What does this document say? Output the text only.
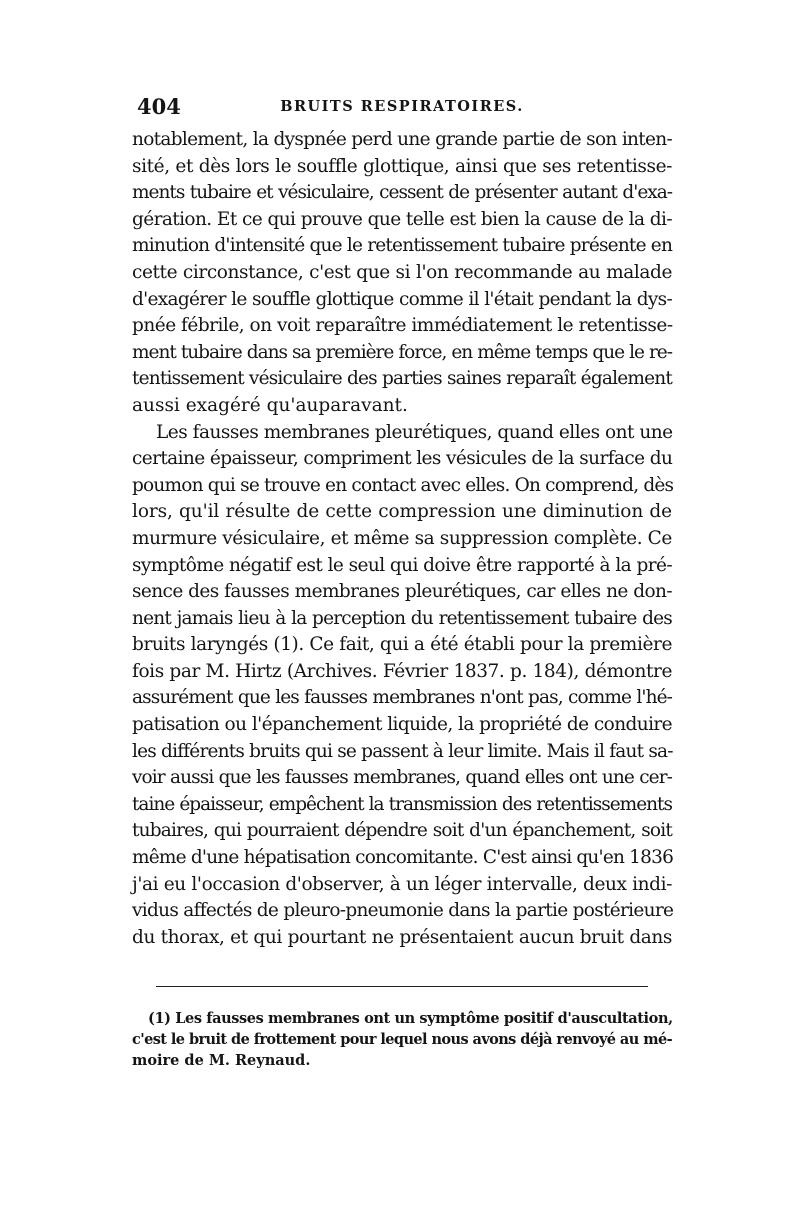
404	BRUITS RESPIRATOIRES.
notablement, la dyspnée perd une grande partie de son inten-
sité, et dès lors le souffle glottique, ainsi que ses retentisse-
ments tubaire et vésiculaire, cessent de présenter autant d'exa-
gération. Et ce qui prouve que telle est bien la cause de la di-
minution d'intensité que le retentissement tubaire présente en
cette circonstance, c'est que si l'on recommande au malade
d'exagérer le souffle glottique comme il l'était pendant la dys-
pnée fébrile, on voit reparaître immédiatement le retentisse-
ment tubaire dans sa première force, en même temps que le re-
tentissement vésiculaire des parties saines reparaît également
aussi exagéré qu'auparavant.
Les fausses membranes pleurétiques, quand elles ont une
certaine épaisseur, compriment les vésicules de la surface du
poumon qui se trouve en contact avec elles. On comprend, dès
lors, qu'il résulte de cette compression une diminution de
murmure vésiculaire, et même sa suppression complète. Ce
symptôme négatif est le seul qui doive être rapporté à la pré-
sence des fausses membranes pleurétiques, car elles ne don-
nent jamais lieu à la perception du retentissement tubaire des
bruits laryngés (1). Ce fait, qui a été établi pour la première
fois par M. Hirtz (Archives. Février 1837. p. 184), démontre
assurément que les fausses membranes n'ont pas, comme l'hé-
patisation ou l'épanchement liquide, la propriété de conduire
les différents bruits qui se passent à leur limite. Mais il faut sa-
voir aussi que les fausses membranes, quand elles ont une cer-
taine épaisseur, empêchent la transmission des retentissements
tubaires, qui pourraient dépendre soit d'un épanchement, soit
même d'une hépatisation concomitante. C'est ainsi qu'en 1836
j'ai eu l'occasion d'observer, à un léger intervalle, deux indi-
vidus affectés de pleuro-pneumonie dans la partie postérieure
du thorax, et qui pourtant ne présentaient aucun bruit dans
(1) Les fausses membranes ont un symptôme positif d'auscultation,
c'est le bruit de frottement pour lequel nous avons déjà renvoyé au mé-
moire de M. Reynaud.
